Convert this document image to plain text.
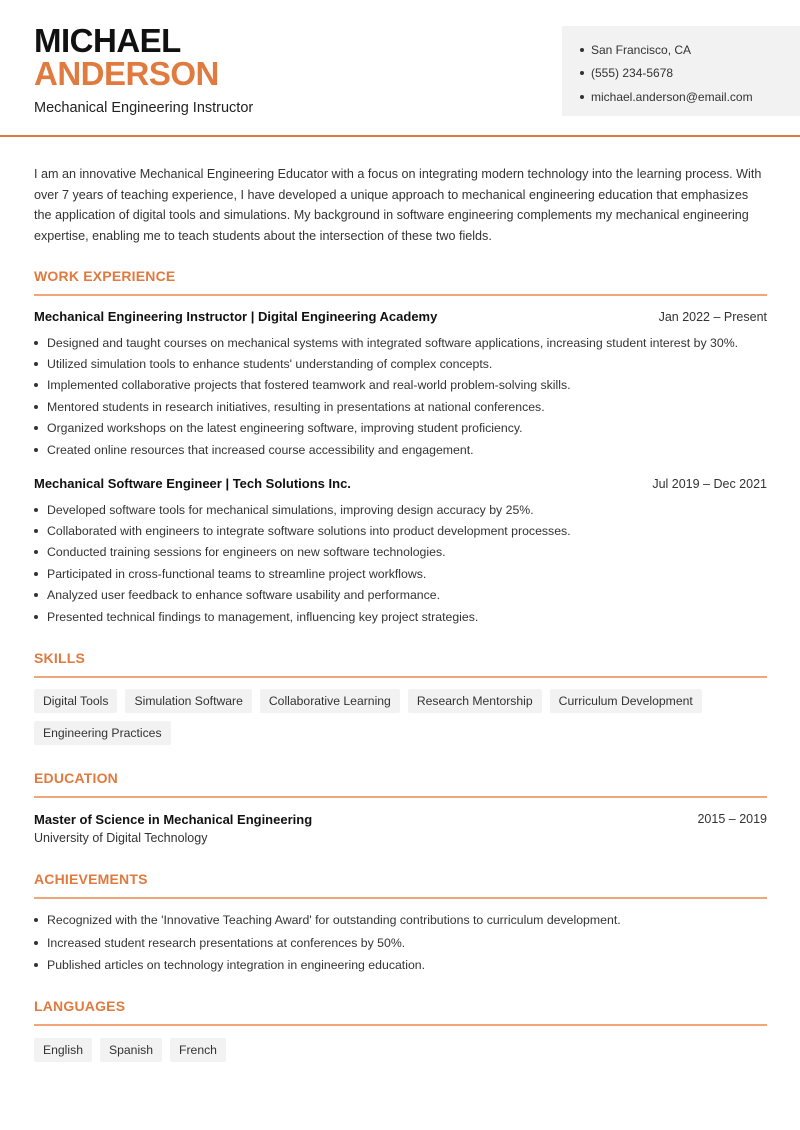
MICHAEL
ANDERSON
Mechanical Engineering Instructor
San Francisco, CA
(555) 234-5678
michael.anderson@email.com
I am an innovative Mechanical Engineering Educator with a focus on integrating modern technology into the learning process. With over 7 years of teaching experience, I have developed a unique approach to mechanical engineering education that emphasizes the application of digital tools and simulations. My background in software engineering complements my mechanical engineering expertise, enabling me to teach students about the intersection of these two fields.
WORK EXPERIENCE
Mechanical Engineering Instructor | Digital Engineering Academy	Jan 2022 – Present
Designed and taught courses on mechanical systems with integrated software applications, increasing student interest by 30%.
Utilized simulation tools to enhance students' understanding of complex concepts.
Implemented collaborative projects that fostered teamwork and real-world problem-solving skills.
Mentored students in research initiatives, resulting in presentations at national conferences.
Organized workshops on the latest engineering software, improving student proficiency.
Created online resources that increased course accessibility and engagement.
Mechanical Software Engineer | Tech Solutions Inc.	Jul 2019 – Dec 2021
Developed software tools for mechanical simulations, improving design accuracy by 25%.
Collaborated with engineers to integrate software solutions into product development processes.
Conducted training sessions for engineers on new software technologies.
Participated in cross-functional teams to streamline project workflows.
Analyzed user feedback to enhance software usability and performance.
Presented technical findings to management, influencing key project strategies.
SKILLS
Digital Tools	Simulation Software	Collaborative Learning	Research Mentorship	Curriculum Development
Engineering Practices
EDUCATION
Master of Science in Mechanical Engineering	2015 – 2019
University of Digital Technology
ACHIEVEMENTS
Recognized with the 'Innovative Teaching Award' for outstanding contributions to curriculum development.
Increased student research presentations at conferences by 50%.
Published articles on technology integration in engineering education.
LANGUAGES
English	Spanish	French
